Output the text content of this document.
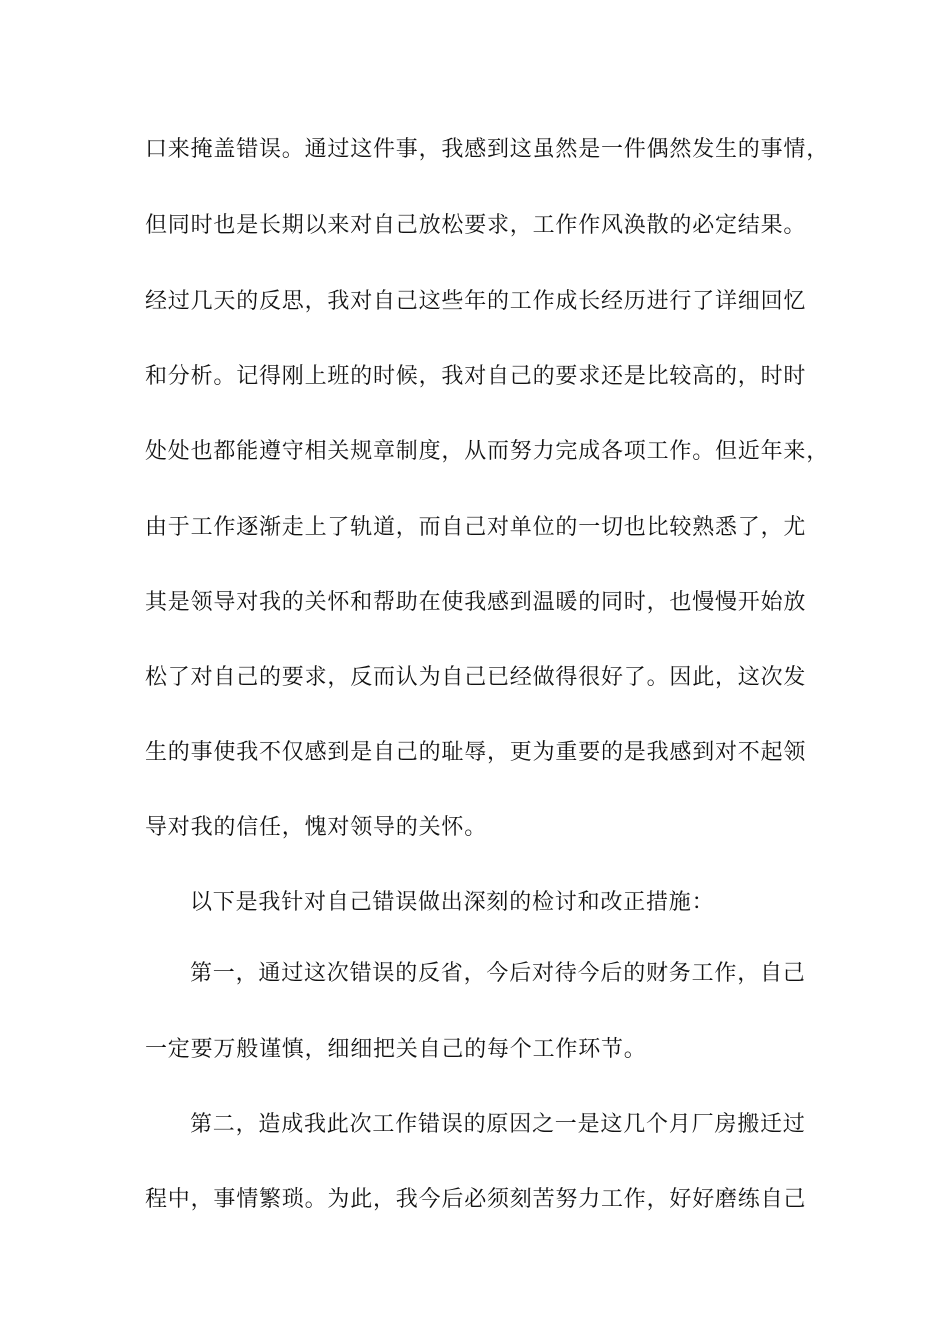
口来掩盖错误。通过这件事，我感到这虽然是一件偶然发生的事情，
但同时也是长期以来对自己放松要求，工作作风涣散的必定结果。
经过几天的反思，我对自己这些年的工作成长经历进行了详细回忆
和分析。记得刚上班的时候，我对自己的要求还是比较高的，时时
处处也都能遵守相关规章制度，从而努力完成各项工作。但近年来，
由于工作逐渐走上了轨道，而自己对单位的一切也比较熟悉了，尤
其是领导对我的关怀和帮助在使我感到温暖的同时，也慢慢开始放
松了对自己的要求，反而认为自己已经做得很好了。因此，这次发
生的事使我不仅感到是自己的耻辱，更为重要的是我感到对不起领
导对我的信任，愧对领导的关怀。
以下是我针对自己错误做出深刻的检讨和改正措施：
第一，通过这次错误的反省，今后对待今后的财务工作，自己
一定要万般谨慎，细细把关自己的每个工作环节。
第二，造成我此次工作错误的原因之一是这几个月厂房搬迁过
程中，事情繁琐。为此，我今后必须刻苦努力工作，好好磨练自己
